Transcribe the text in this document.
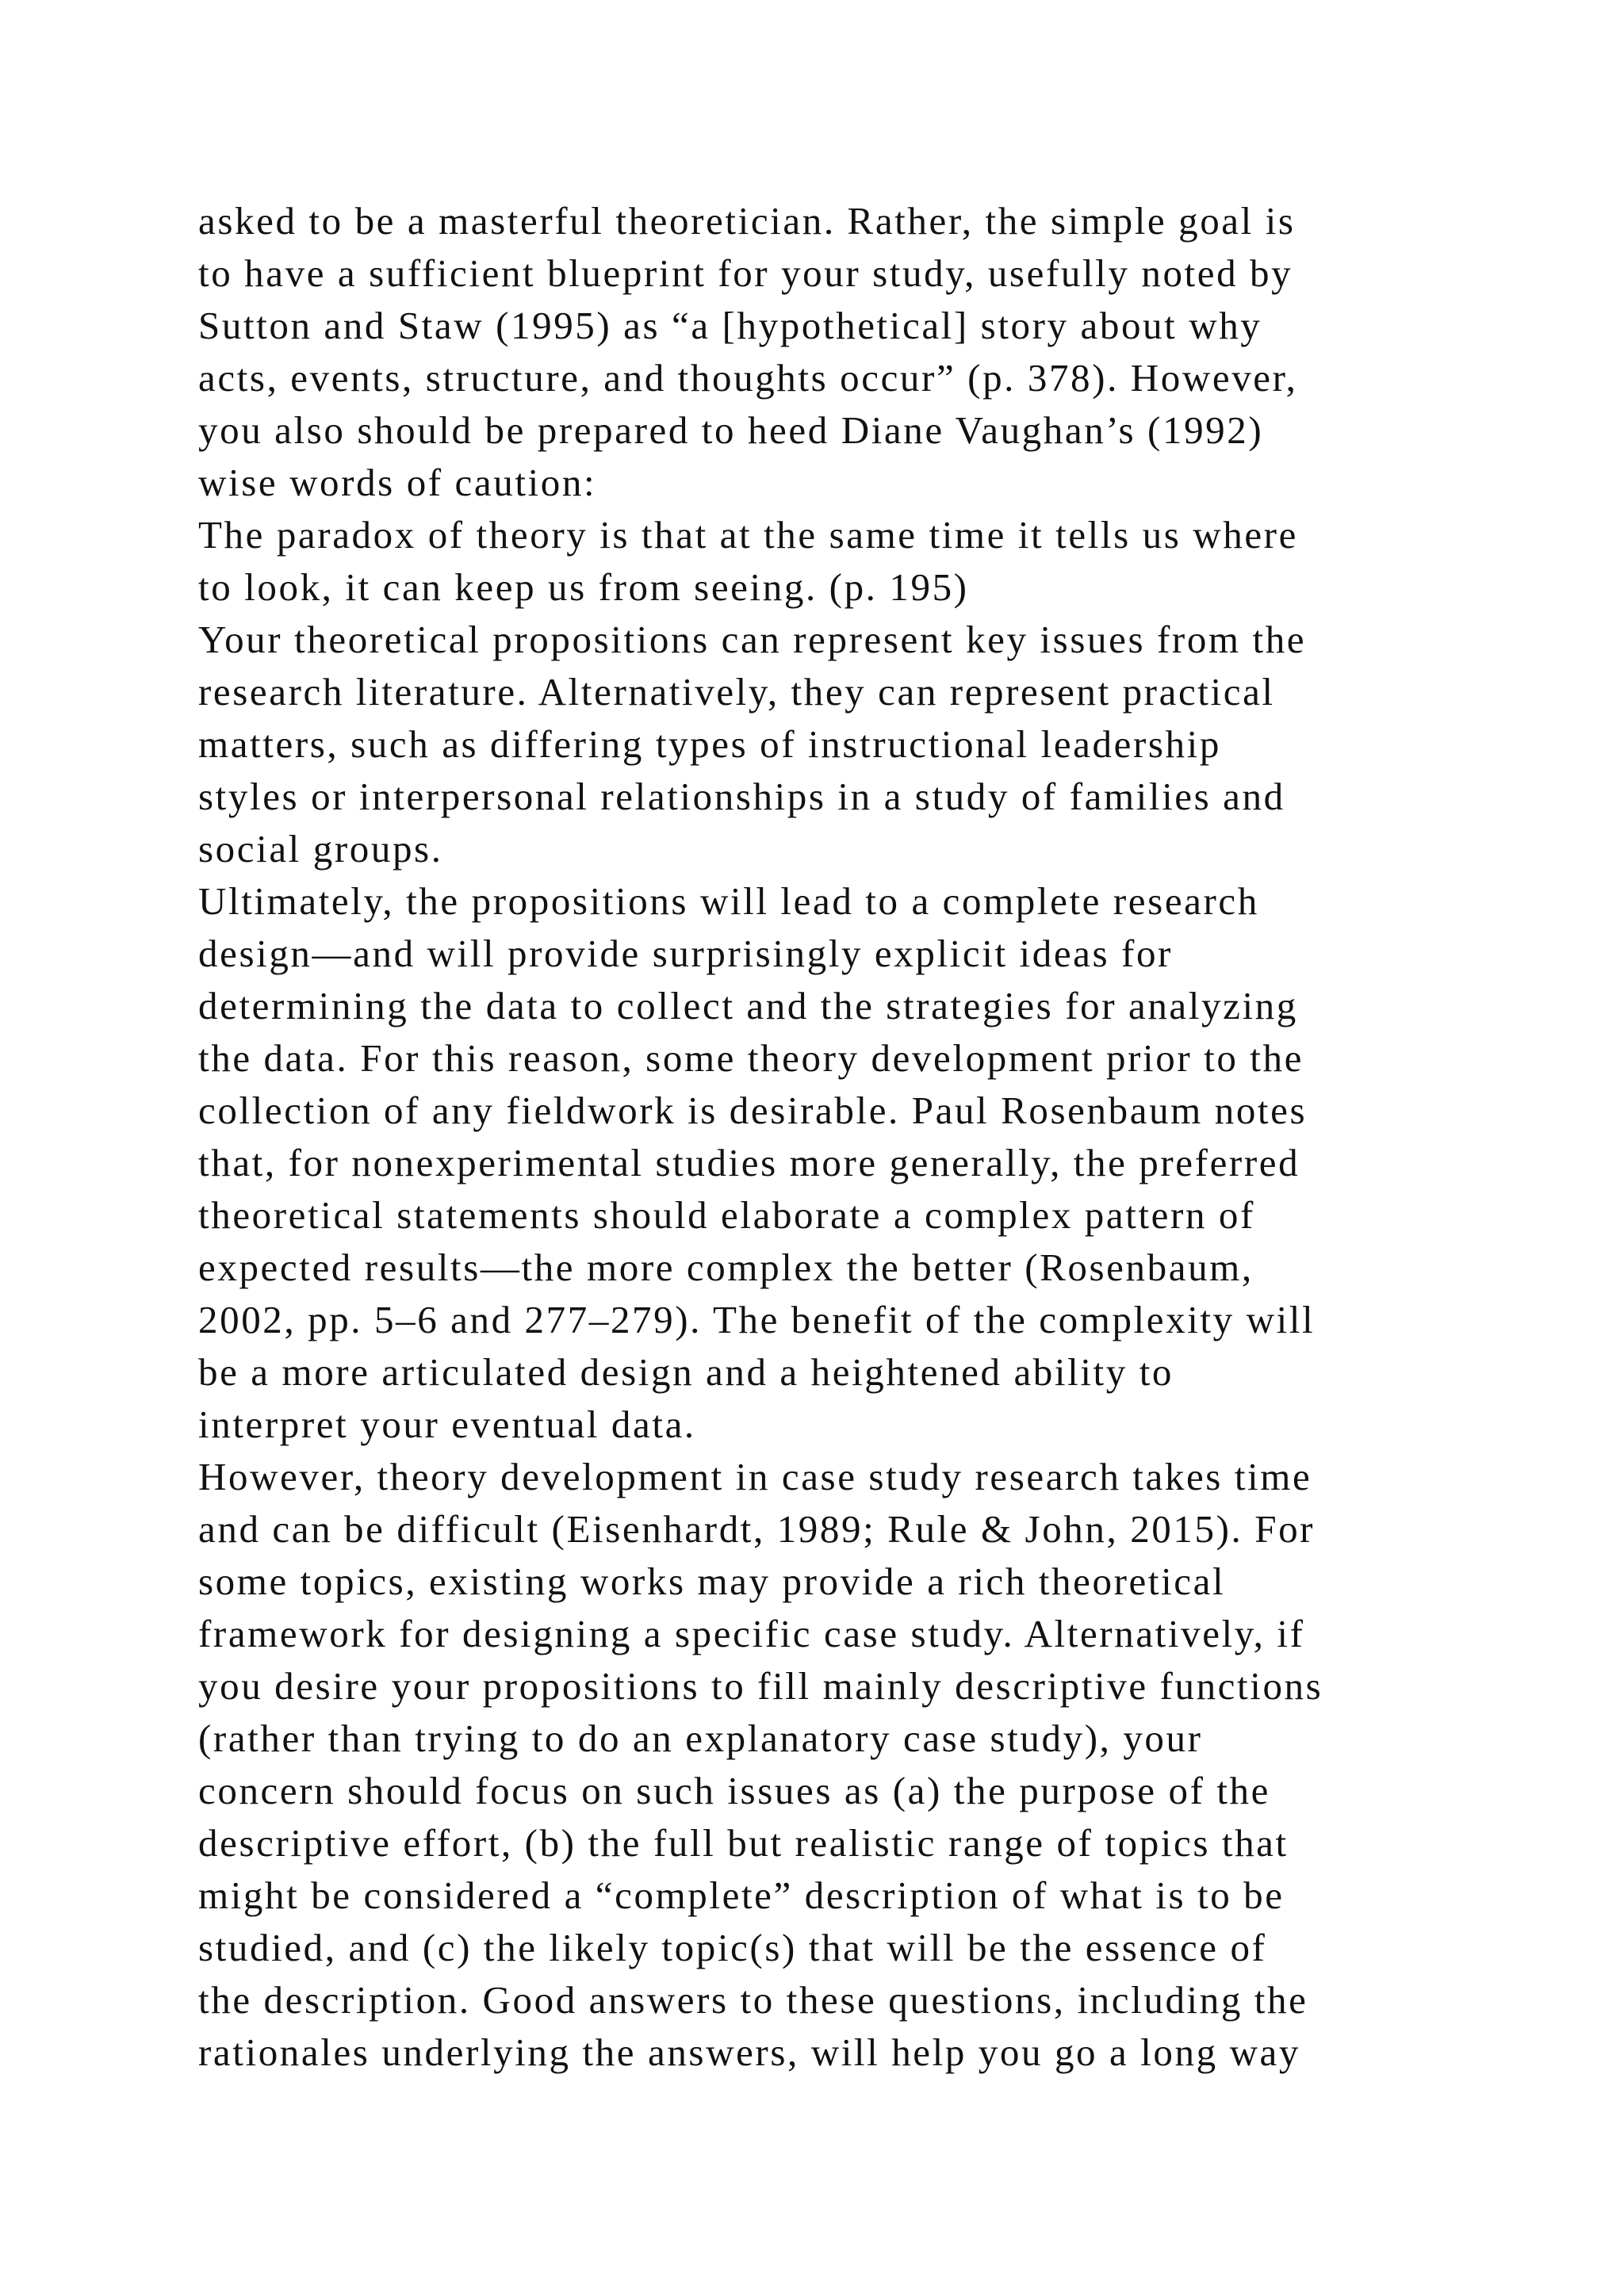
asked to be a masterful theoretician. Rather, the simple goal is
to have a sufficient blueprint for your study, usefully noted by
Sutton and Staw (1995) as “a [hypothetical] story about why
acts, events, structure, and thoughts occur” (p. 378). However,
you also should be prepared to heed Diane Vaughan’s (1992)
wise words of caution:
The paradox of theory is that at the same time it tells us where
to look, it can keep us from seeing. (p. 195)
Your theoretical propositions can represent key issues from the
research literature. Alternatively, they can represent practical
matters, such as differing types of instructional leadership
styles or interpersonal relationships in a study of families and
social groups.
Ultimately, the propositions will lead to a complete research
design—and will provide surprisingly explicit ideas for
determining the data to collect and the strategies for analyzing
the data. For this reason, some theory development prior to the
collection of any fieldwork is desirable. Paul Rosenbaum notes
that, for nonexperimental studies more generally, the preferred
theoretical statements should elaborate a complex pattern of
expected results—the more complex the better (Rosenbaum,
2002, pp. 5–6 and 277–279). The benefit of the complexity will
be a more articulated design and a heightened ability to
interpret your eventual data.
However, theory development in case study research takes time
and can be difficult (Eisenhardt, 1989; Rule & John, 2015). For
some topics, existing works may provide a rich theoretical
framework for designing a specific case study. Alternatively, if
you desire your propositions to fill mainly descriptive functions
(rather than trying to do an explanatory case study), your
concern should focus on such issues as (a) the purpose of the
descriptive effort, (b) the full but realistic range of topics that
might be considered a “complete” description of what is to be
studied, and (c) the likely topic(s) that will be the essence of
the description. Good answers to these questions, including the
rationales underlying the answers, will help you go a long way
